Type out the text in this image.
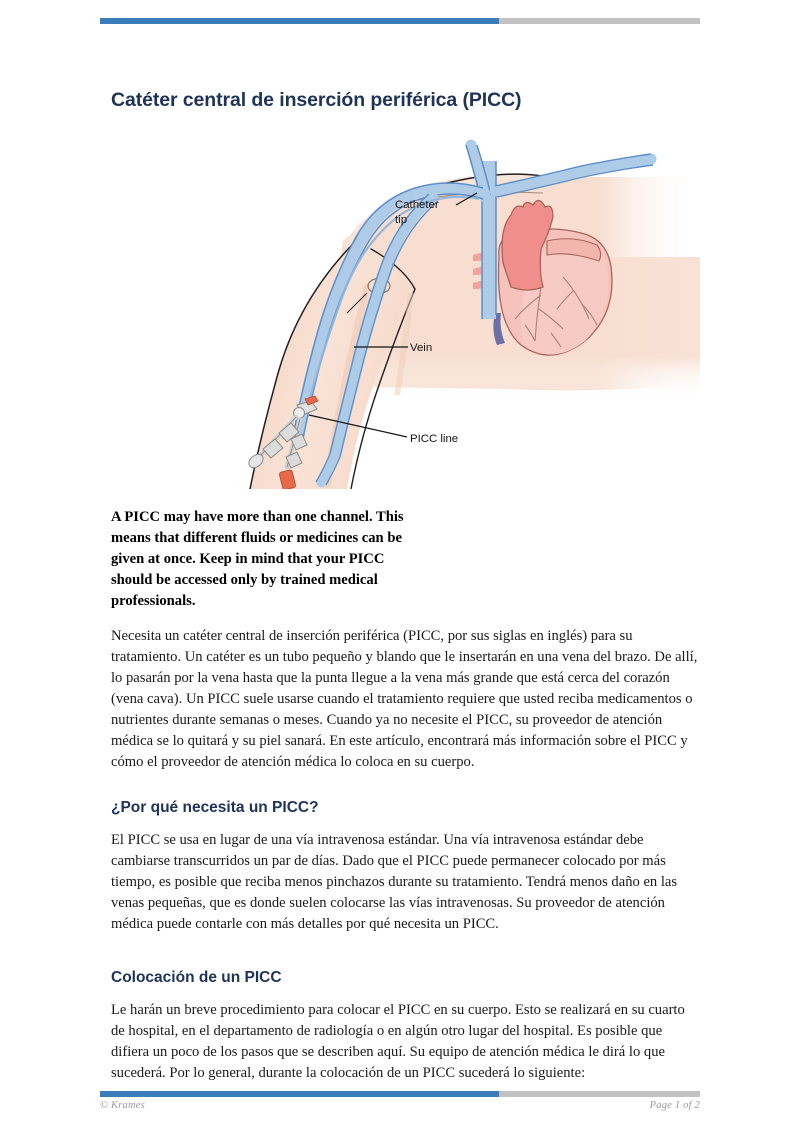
Catéter central de inserción periférica (PICC)
Vein
PICC line
Catheter
tip

A PICC may have more than one channel. This means that different fluids or medicines can be given at once. Keep in mind that your PICC should be accessed only by trained medical professionals.

Necesita un catéter central de inserción periférica (PICC, por sus siglas en inglés) para su tratamiento. Un catéter es un tubo pequeño y blando que le insertarán en una vena del brazo. De allí, lo pasarán por la vena hasta que la punta llegue a la vena más grande que está cerca del corazón (vena cava). Un PICC suele usarse cuando el tratamiento requiere que usted reciba medicamentos o nutrientes durante semanas o meses. Cuando ya no necesite el PICC, su proveedor de atención médica se lo quitará y su piel sanará. En este artículo, encontrará más información sobre el PICC y cómo el proveedor de atención médica lo coloca en su cuerpo.

¿Por qué necesita un PICC?

El PICC se usa en lugar de una vía intravenosa estándar. Una vía intravenosa estándar debe cambiarse transcurridos un par de días. Dado que el PICC puede permanecer colocado por más tiempo, es posible que reciba menos pinchazos durante su tratamiento. Tendrá menos daño en las venas pequeñas, que es donde suelen colocarse las vías intravenosas. Su proveedor de atención médica puede contarle con más detalles por qué necesita un PICC.

Colocación de un PICC

Le harán un breve procedimiento para colocar el PICC en su cuerpo. Esto se realizará en su cuarto de hospital, en el departamento de radiología o en algún otro lugar del hospital. Es posible que difiera un poco de los pasos que se describen aquí. Su equipo de atención médica le dirá lo que sucederá. Por lo general, durante la colocación de un PICC sucederá lo siguiente:

© Krames	Page 1 of 2
